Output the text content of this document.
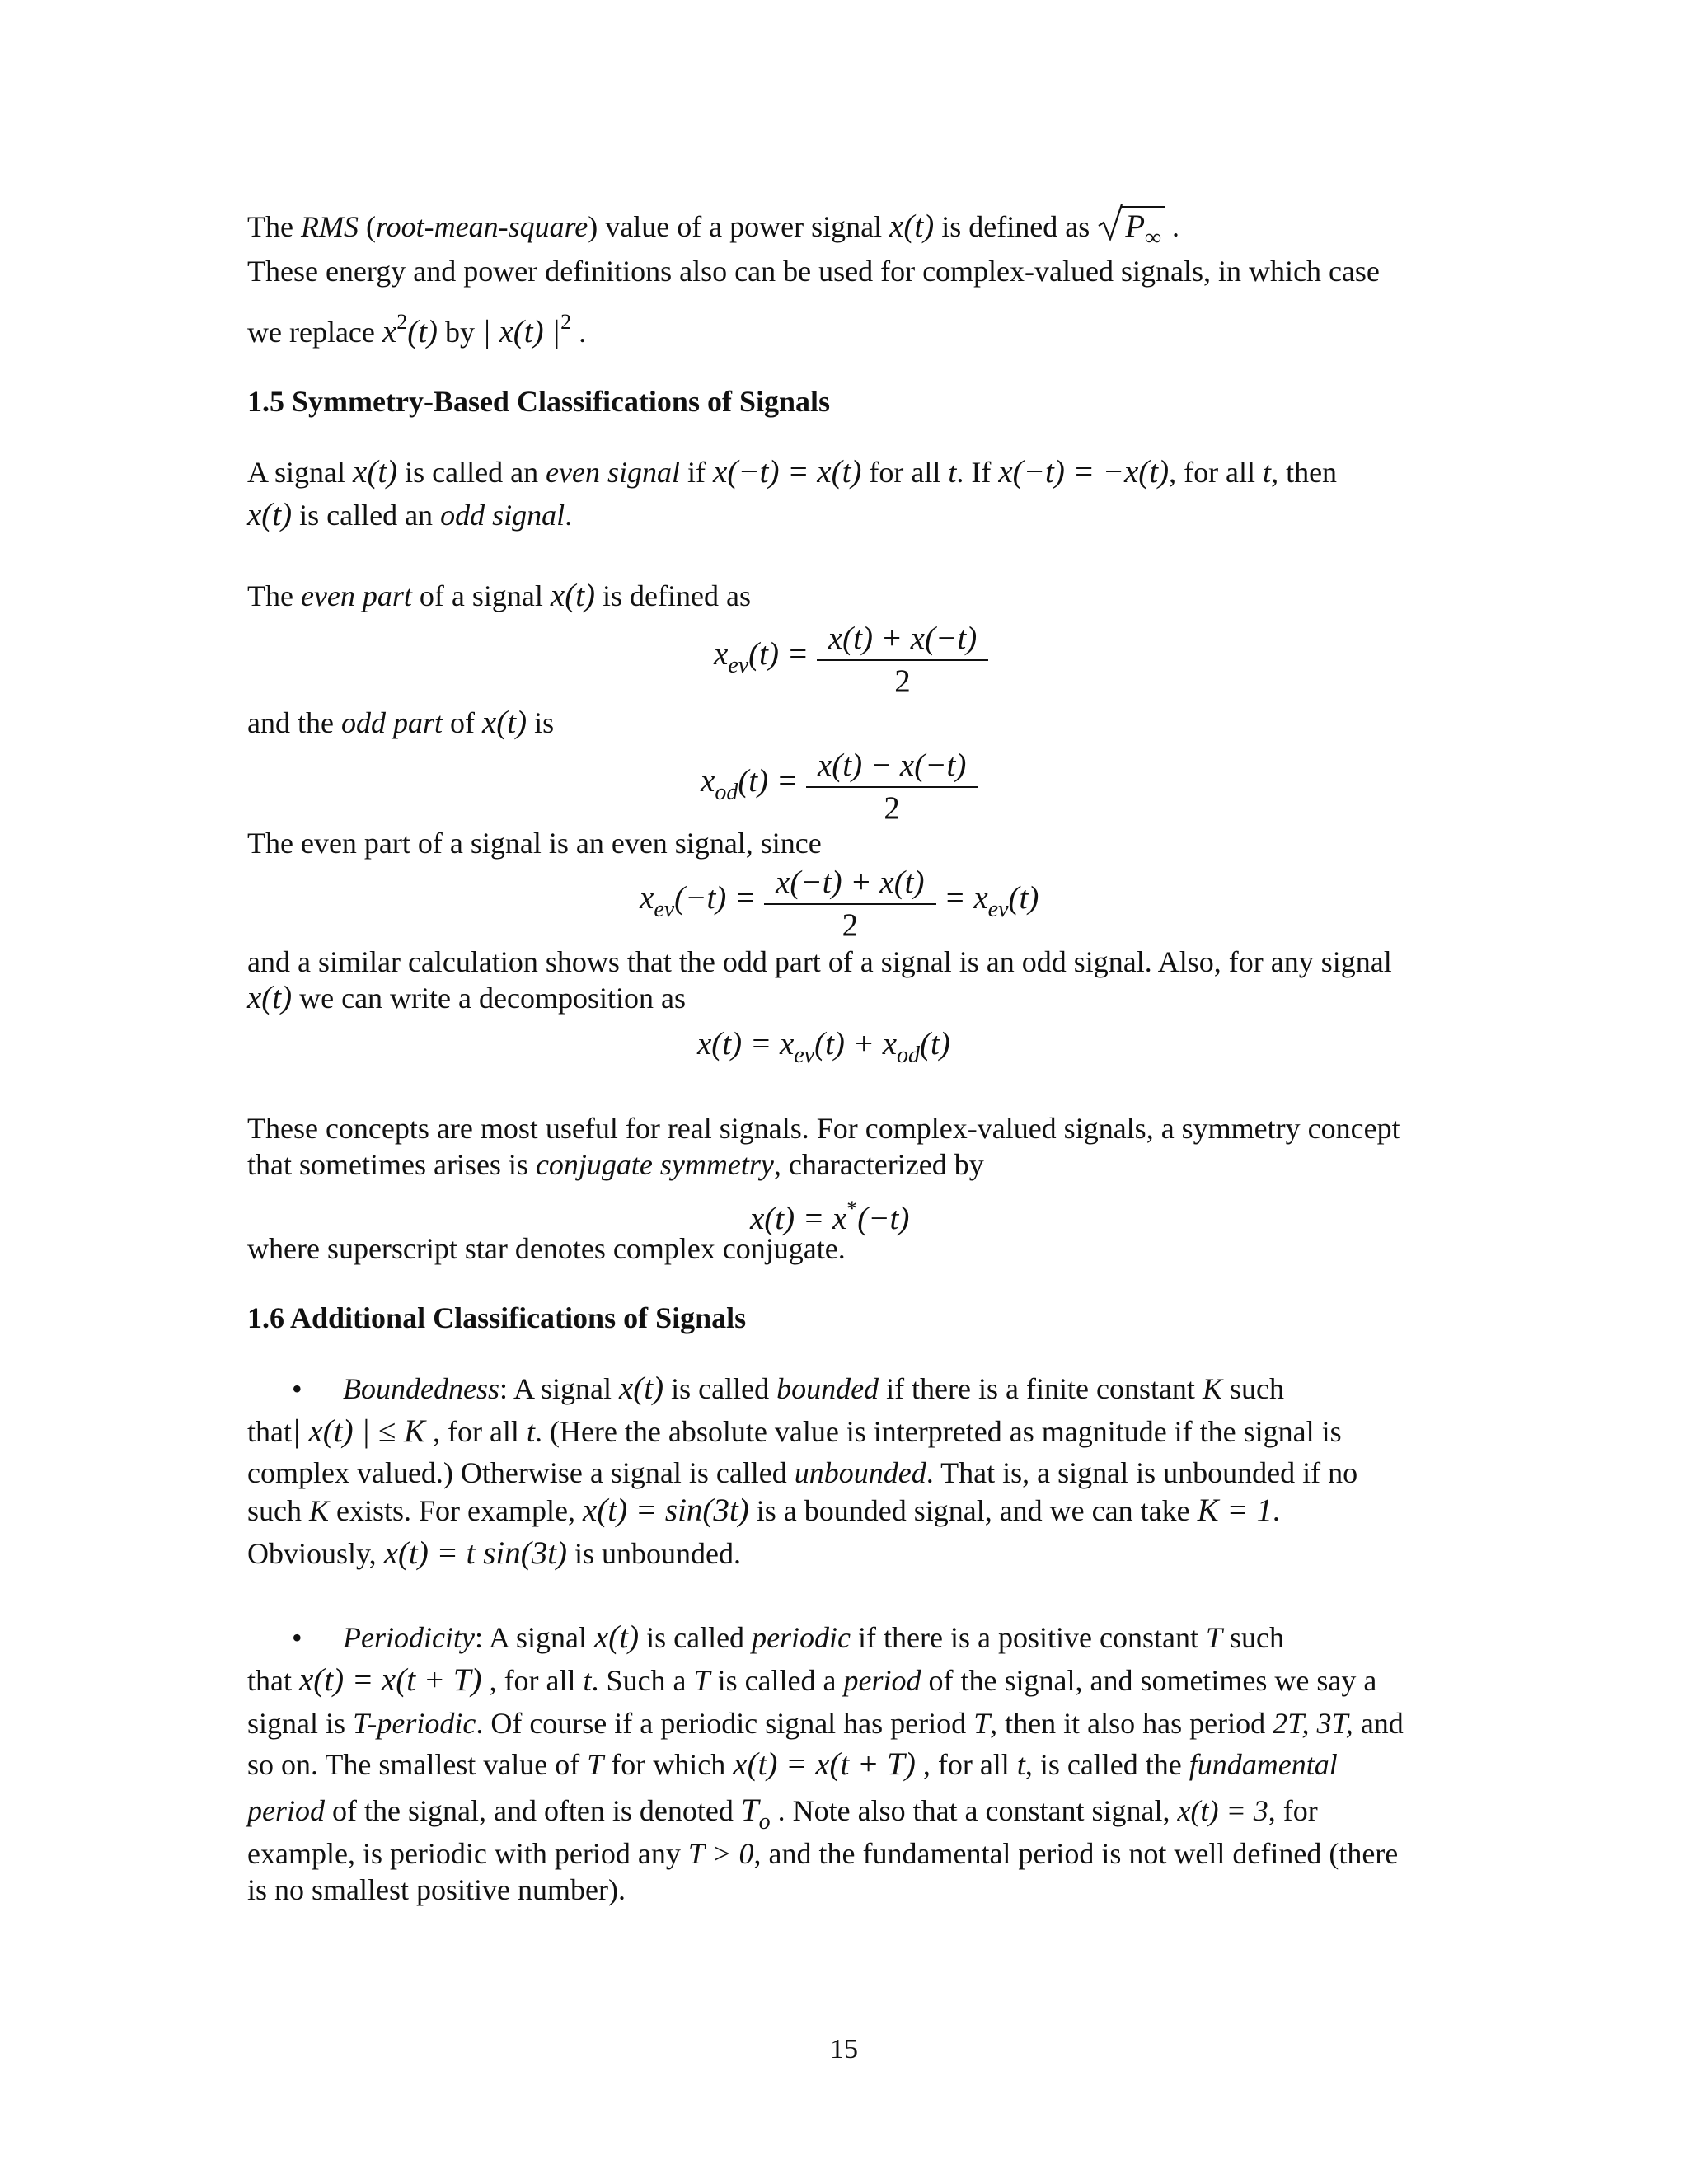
The RMS (root-mean-square) value of a power signal x(t) is defined as
$P_\infty$ .
These energy and power definitions also can be used for complex-valued signals, in which case
we replace $x^2(t)$ by | x(t) $|^2$ .
1.5 Symmetry-Based Classifications of Signals
A signal x(t) is called an even signal if x(−t) = x(t) for all t. If x(−t) = −x(t), for all t, then
x(t) is called an odd signal.
The even part of a signal x(t) is defined as
$x_{ev}(t) = \frac{x(t) + x(-t)}{2}$
and the odd part of x(t) is
$x_{od}(t) = \frac{x(t) - x(-t)}{2}$
The even part of a signal is an even signal, since
$x_{ev}(-t) = \frac{x(-t) + x(t)}{2} = x_{ev}(t)$
and a similar calculation shows that the odd part of a signal is an odd signal. Also, for any signal
x(t) we can write a decomposition as
$x(t) = x_{ev}(t) + x_{od}(t)$
These concepts are most useful for real signals. For complex-valued signals, a symmetry concept
that sometimes arises is conjugate symmetry, characterized by
x(t) = x*(−t)
where superscript star denotes complex conjugate.
1.6 Additional Classifications of Signals
• Boundedness: A signal x(t) is called bounded if there is a finite constant K such
that| x(t) | ≤ K , for all t. (Here the absolute value is interpreted as magnitude if the signal is
complex valued.) Otherwise a signal is called unbounded. That is, a signal is unbounded if no
such K exists. For example, x(t) = sin(3t) is a bounded signal, and we can take K = 1.
Obviously, x(t) = t sin(3t) is unbounded.
• Periodicity: A signal x(t) is called periodic if there is a positive constant T such
that x(t) = x(t + T) , for all t. Such a T is called a period of the signal, and sometimes we say a
signal is T-periodic. Of course if a periodic signal has period T, then it also has period 2T, 3T, and
so on. The smallest value of T for which x(t) = x(t + T) , for all t, is called the fundamental
period of the signal, and often is denoted $T_o$ . Note also that a constant signal, x(t) = 3, for
example, is periodic with period any T > 0, and the fundamental period is not well defined (there
is no smallest positive number).
15
